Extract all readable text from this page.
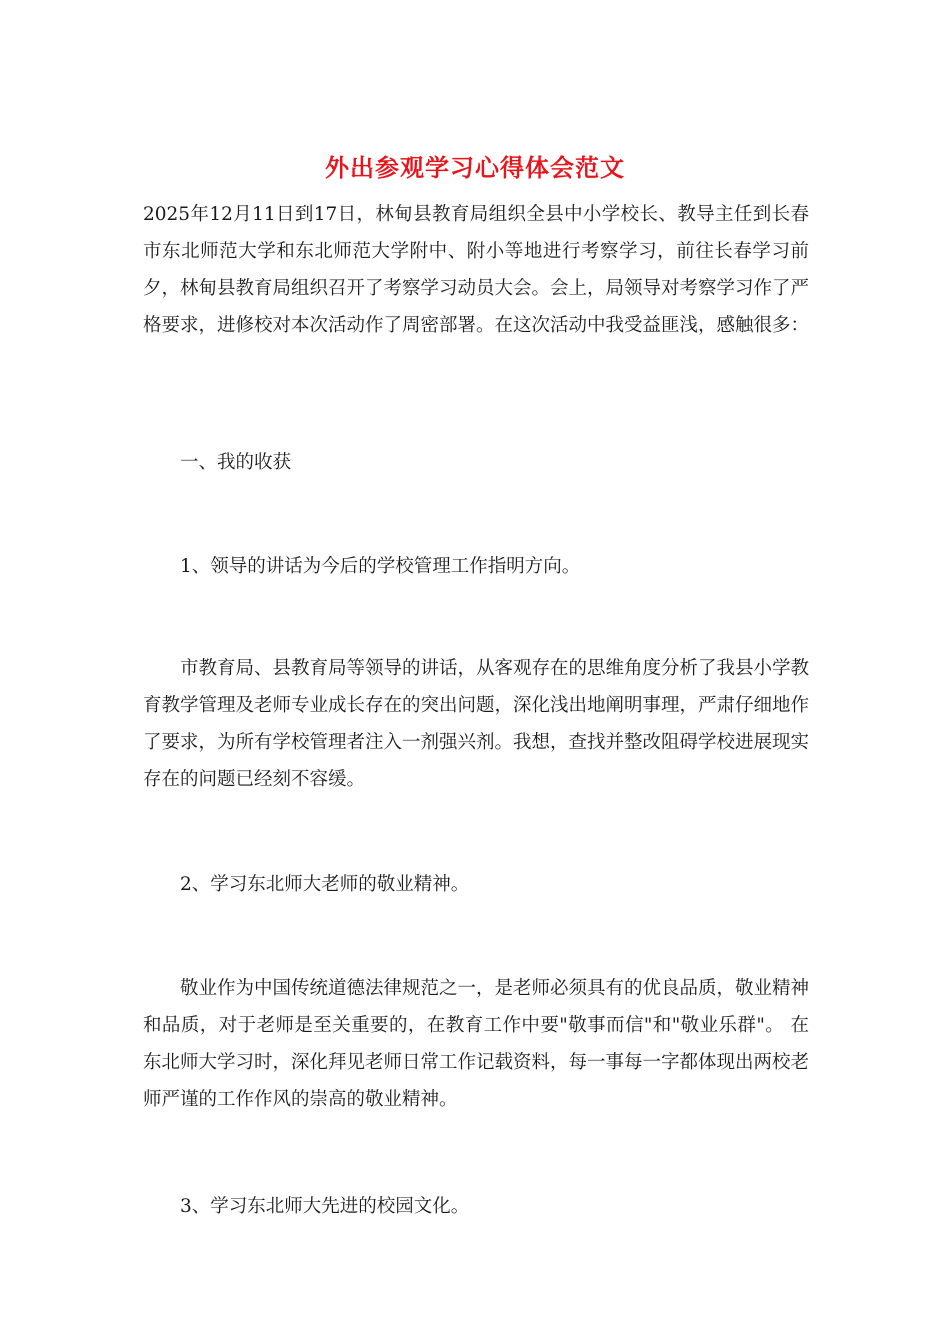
外出参观学习心得体会范文

2025年12月11日到17日，林甸县教育局组织全县中小学校长、教导主任到长春市东北师范大学和东北师范大学附中、附小等地进行考察学习，前往长春学习前夕，林甸县教育局组织召开了考察学习动员大会。会上，局领导对考察学习作了严格要求，进修校对本次活动作了周密部署。在这次活动中我受益匪浅，感触很多：

一、我的收获

1、领导的讲话为今后的学校管理工作指明方向。

市教育局、县教育局等领导的讲话，从客观存在的思维角度分析了我县小学教育教学管理及老师专业成长存在的突出问题，深化浅出地阐明事理，严肃仔细地作了要求，为所有学校管理者注入一剂强兴剂。我想，查找并整改阻碍学校进展现实存在的问题已经刻不容缓。

2、学习东北师大老师的敬业精神。

敬业作为中国传统道德法律规范之一，是老师必须具有的优良品质，敬业精神和品质，对于老师是至关重要的，在教育工作中要"敬事而信"和"敬业乐群"。 在东北师大学习时，深化拜见老师日常工作记载资料，每一事每一字都体现出两校老师严谨的工作作风的崇高的敬业精神。

3、学习东北师大先进的校园文化。
